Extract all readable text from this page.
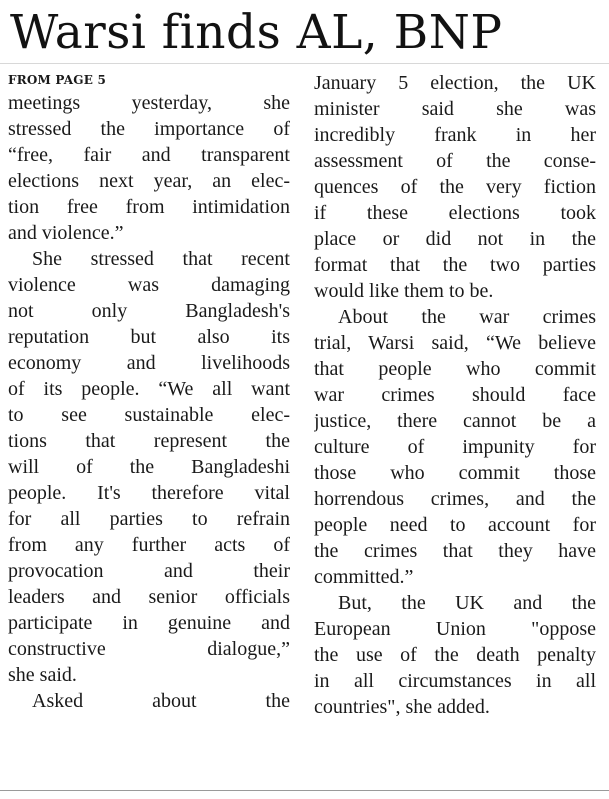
Warsi finds AL, BNP
FROM PAGE 5
meetings yesterday, she
stressed the importance of
“free, fair and transparent
elections next year, an elec-
tion free from intimidation
and violence.”
She stressed that recent
violence was damaging
not only Bangladesh's
reputation but also its
economy and livelihoods
of its people. “We all want
to see sustainable elec-
tions that represent the
will of the Bangladeshi
people. It's therefore vital
for all parties to refrain
from any further acts of
provocation and their
leaders and senior officials
participate in genuine and
constructive dialogue,”
she said.
Asked about the
January 5 election, the UK
minister said she was
incredibly frank in her
assessment of the conse-
quences of the very fiction
if these elections took
place or did not in the
format that the two parties
would like them to be.
About the war crimes
trial, Warsi said, “We believe
that people who commit
war crimes should face
justice, there cannot be a
culture of impunity for
those who commit those
horrendous crimes, and the
people need to account for
the crimes that they have
committed.”
But, the UK and the
European Union "oppose
the use of the death penalty
in all circumstances in all
countries", she added.
